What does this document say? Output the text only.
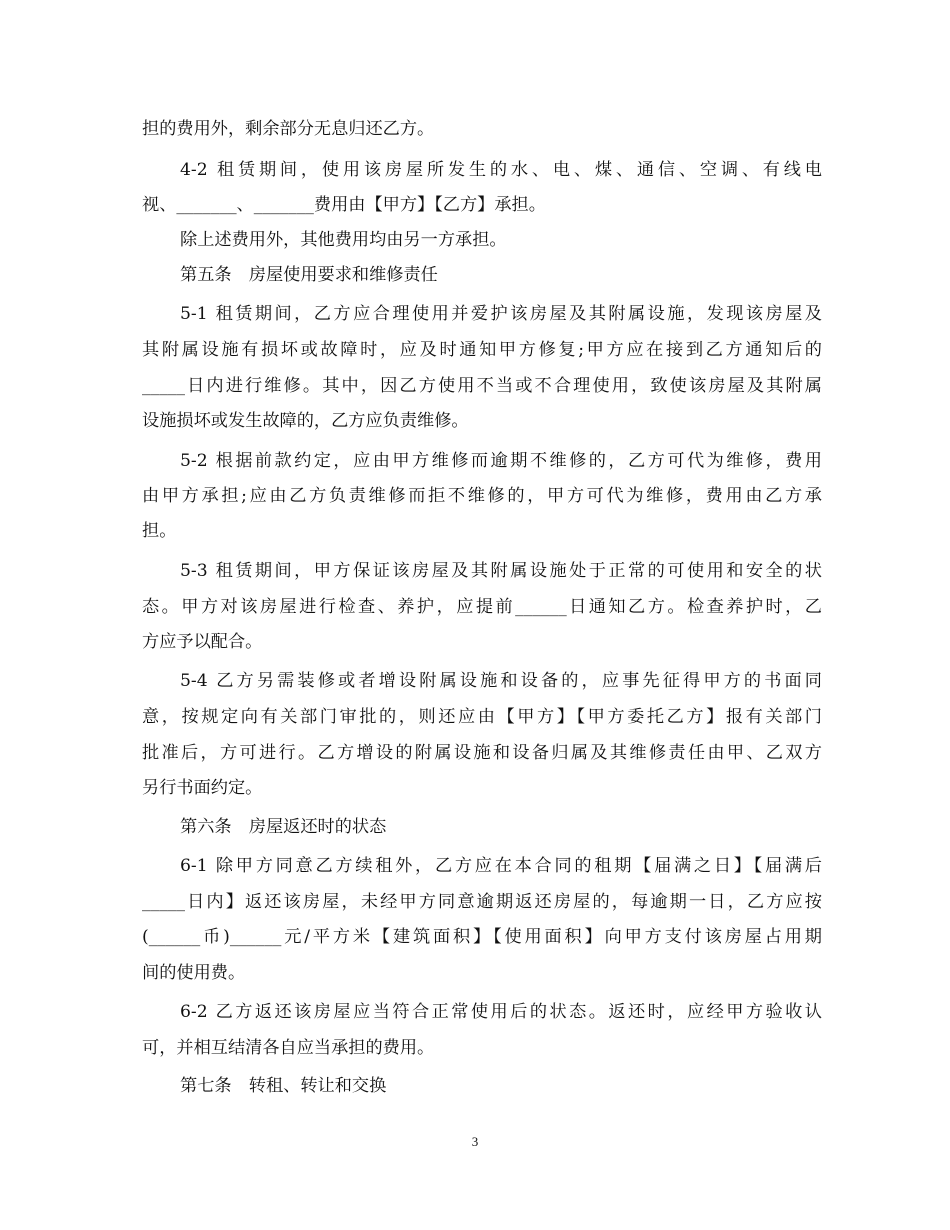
担的费用外，剩余部分无息归还乙方。
4-2 租赁期间，使用该房屋所发生的水、电、煤、通信、空调、有线电
视、_______、_______费用由【甲方】【乙方】承担。
除上述费用外，其他费用均由另一方承担。
第五条　房屋使用要求和维修责任
5-1 租赁期间，乙方应合理使用并爱护该房屋及其附属设施，发现该房屋及
其附属设施有损坏或故障时，应及时通知甲方修复;甲方应在接到乙方通知后的
_____日内进行维修。其中，因乙方使用不当或不合理使用，致使该房屋及其附属
设施损坏或发生故障的，乙方应负责维修。
5-2 根据前款约定，应由甲方维修而逾期不维修的，乙方可代为维修，费用
由甲方承担;应由乙方负责维修而拒不维修的，甲方可代为维修，费用由乙方承
担。
5-3 租赁期间，甲方保证该房屋及其附属设施处于正常的可使用和安全的状
态。甲方对该房屋进行检查、养护，应提前______日通知乙方。检查养护时，乙
方应予以配合。
5-4 乙方另需装修或者增设附属设施和设备的，应事先征得甲方的书面同
意，按规定向有关部门审批的，则还应由【甲方】【甲方委托乙方】报有关部门
批准后，方可进行。乙方增设的附属设施和设备归属及其维修责任由甲、乙双方
另行书面约定。
第六条　房屋返还时的状态
6-1 除甲方同意乙方续租外，乙方应在本合同的租期【届满之日】【届满后
_____日内】返还该房屋，未经甲方同意逾期返还房屋的，每逾期一日，乙方应按
(______币)______元/平方米【建筑面积】【使用面积】向甲方支付该房屋占用期
间的使用费。
6-2 乙方返还该房屋应当符合正常使用后的状态。返还时，应经甲方验收认
可，并相互结清各自应当承担的费用。
第七条　转租、转让和交换
3
